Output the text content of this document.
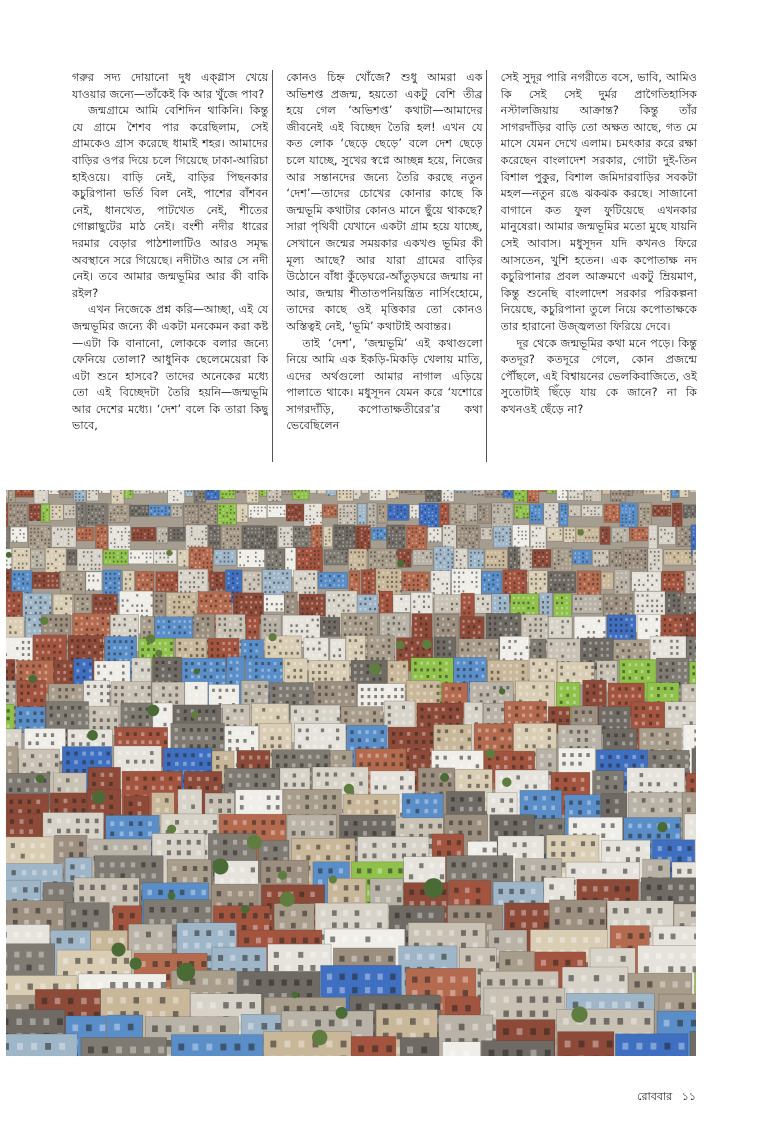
গরুর সদ্য দোয়ানো দুধ এক্গ্লাস খেয়ে যাওয়ার জন্যে—তাঁকেই কি আর খুঁজে পাব?

জন্মগ্রামে আমি বেশিদিন থাকিনি। কিন্তু যে গ্রামে শৈশব পার করেছিলাম, সেই গ্রামকেও গ্রাস করেছে ধামাই শহর। আমাদের বাড়ির ওপর দিয়ে চলে গিয়েছে ঢাকা-আরিচা হাইওয়ে। বাড়ি নেই, বাড়ির পিছনকার কচুরিপানা ভর্তি বিল নেই, পাশের বাঁশবন নেই, ধানখেত, পাটখেত নেই, শীতের গোল্লাছুটের মাঠ নেই। বংশী নদীর ধারের দরমার বেড়ার পাঠশালাটিও আরও সমৃদ্ধ অবস্থানে সরে গিয়েছে। নদীটাও আর সে নদী নেই। তবে আমার জন্মভূমির আর কী বাকি রইল?

এখন নিজেকে প্রশ্ন করি—আচ্ছা, এই যে জন্মভূমির জন্যে কী একটা মনকেমন করা কষ্ট—এটা কি বানানো, লোককে বলার জন্যে ফেনিয়ে তোলা? আধুনিক ছেলেমেয়েরা কি এটা শুনে হাসবে? তাদের অনেকের মধ্যে তো এই বিচ্ছেদটা তৈরি হয়নি—জন্মভূমি আর দেশের মধ্যে। ‘দেশ’ বলে কি তারা কিছু ভাবে,

কোনও চিহ্ন খোঁজে? শুধু আমরা এক অভিশপ্ত প্রজন্ম, হয়তো একটু বেশি তীব্র হয়ে গেল ‘অভিশপ্ত’ কথাটা—আমাদের জীবনেই এই বিচ্ছেদ তৈরি হল! এখন যে কত লোক ‘ছেড়ে ছেড়ে’ বলে দেশ ছেড়ে চলে যাচ্ছে, সুখের স্বপ্নে আচ্ছন্ন হয়ে, নিজের আর সন্তানদের জন্যে তৈরি করছে নতুন ‘দেশ’—তাদের চোখের কোনার কাছে কি জন্মভূমি কথাটার কোনও মানে ছুঁয়ে থাকছে? সারা পৃথিবী যেখানে একটা গ্রাম হয়ে যাচ্ছে, সেখানে জন্মের সময়কার একখণ্ড ভূমির কী মূল্য আছে? আর যারা গ্রামের বাড়ির উঠোনে বাঁধা কুঁড়েঘরে-আঁতুড়ঘরে জন্মায় না আর, জন্মায় শীতাতপনিয়ন্ত্রিত নার্সিংহোমে, তাদের কাছে ওই মৃত্তিকার তো কোনও অস্তিত্বই নেই, ‘ভূমি’ কথাটাই অবান্তর।

তাই ‘দেশ’, ‘জন্মভূমি’ এই কথাগুলো নিয়ে আমি এক ইকড়ি-মিকড়ি খেলায় মাতি, এদের অর্থগুলো আমার নাগাল এড়িয়ে পালাতে থাকে। মধুসূদন যেমন করে ‘যশোরে সাগরদাঁড়ি, কপোতাক্ষতীরের’র কথা ভেবেছিলেন

সেই সুদূর পারি নগরীতে বসে, ভাবি, আমিও কি সেই সেই দুর্মর প্রাগৈতিহাসিক নস্টালজিয়ায় আক্রান্ত? কিন্তু তাঁর সাগরদাঁড়ির বাড়ি তো অক্ষত আছে, গত মে মাসে যেমন দেখে এলাম। চমৎকার করে রক্ষা করেছেন বাংলাদেশ সরকার, গোটা দুই-তিন বিশাল পুকুর, বিশাল জমিদারবাড়ির সবকটা মহল—নতুন রঙে ঝকঝক করছে। সাজানো বাগানে কত ফুল ফুটিয়েছে এখনকার মানুষেরা। আমার জন্মভূমির মতো মুছে যায়নি সেই আবাস। মধুসূদন যদি কখনও ফিরে আসতেন, খুশি হতেন। এক কপোতাক্ষ নদ কচুরিপানার প্রবল আক্রমণে একটু ম্রিয়মাণ, কিন্তু শুনেছি বাংলাদেশ সরকার পরিকল্পনা নিয়েছে, কচুরিপানা তুলে নিয়ে কপোতাক্ষকে তার হারানো উজ্জ্বলতা ফিরিয়ে দেবে।

দূর থেকে জন্মভূমির কথা মনে পড়ে। কিন্তু কতদূর? কতদূরে গেলে, কোন প্রজন্মে পৌঁছলে, এই বিশ্বায়নের ভেলকিবাজিতে, ওই সুতোটাই ছিঁড়ে যায় কে জানে? না কি কখনওই ছেঁড়ে না?

রোববার ১১
